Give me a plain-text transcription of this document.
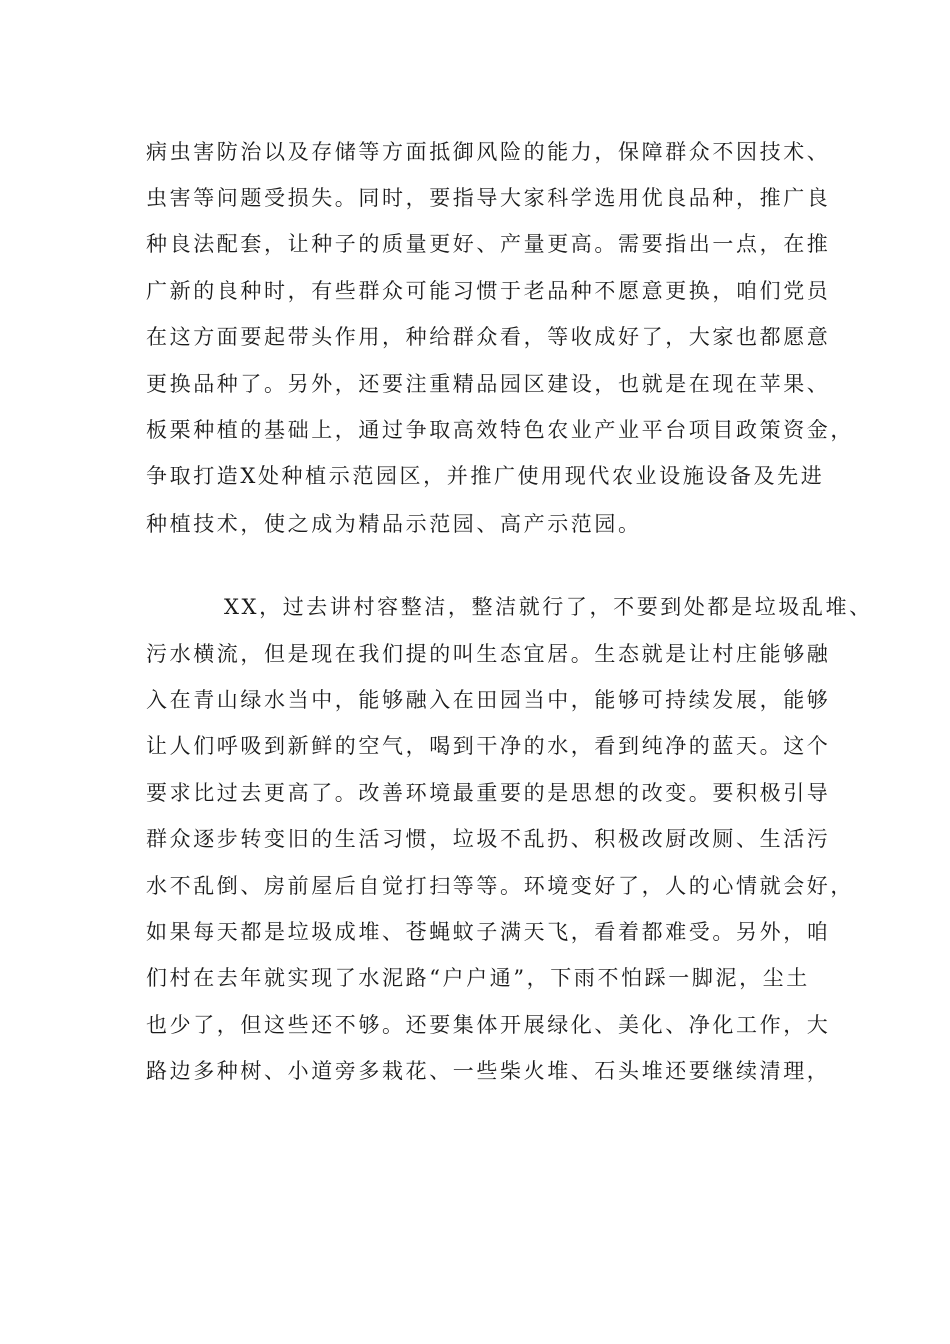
病虫害防治以及存储等方面抵御风险的能力，保障群众不因技术、

虫害等问题受损失。同时，要指导大家科学选用优良品种，推广良

种良法配套，让种子的质量更好、产量更高。需要指出一点，在推

广新的良种时，有些群众可能习惯于老品种不愿意更换，咱们党员

在这方面要起带头作用，种给群众看，等收成好了，大家也都愿意

更换品种了。另外，还要注重精品园区建设，也就是在现在苹果、

板栗种植的基础上，通过争取高效特色农业产业平台项目政策资金，

争取打造X处种植示范园区，并推广使用现代农业设施设备及先进

种植技术，使之成为精品示范园、高产示范园。

XX，过去讲村容整洁，整洁就行了，不要到处都是垃圾乱堆、

污水横流，但是现在我们提的叫生态宜居。生态就是让村庄能够融

入在青山绿水当中，能够融入在田园当中，能够可持续发展，能够

让人们呼吸到新鲜的空气，喝到干净的水，看到纯净的蓝天。这个

要求比过去更高了。改善环境最重要的是思想的改变。要积极引导

群众逐步转变旧的生活习惯，垃圾不乱扔、积极改厨改厕、生活污

水不乱倒、房前屋后自觉打扫等等。环境变好了，人的心情就会好，

如果每天都是垃圾成堆、苍蝇蚊子满天飞，看着都难受。另外，咱

们村在去年就实现了水泥路“户户通”，下雨不怕踩一脚泥，尘土

也少了，但这些还不够。还要集体开展绿化、美化、净化工作，大

路边多种树、小道旁多栽花、一些柴火堆、石头堆还要继续清理，
